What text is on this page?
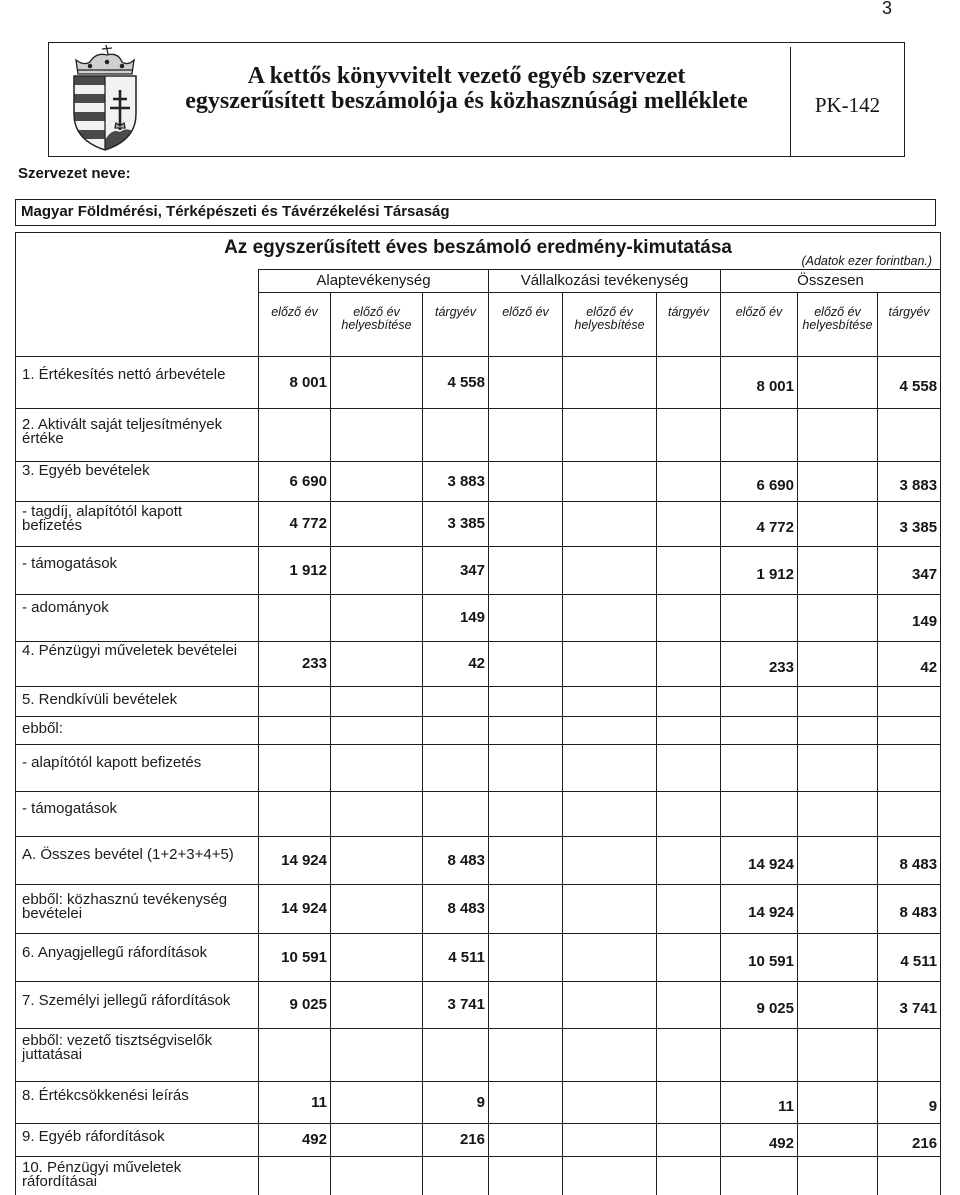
3
A kettős könyvvitelt vezető egyéb szervezet
egyszerűsített beszámolója és közhasznúsági melléklete	PK-142
Szervezet neve:
Magyar Földmérési, Térképészeti és Távérzékelési Társaság
Az egyszerűsített éves beszámoló eredmény-kimutatása
(Adatok ezer forintban.)									

	Alaptevékenység			Vállalkozási tevékenység			Összesen		
	előző év	előző év helyesbítése	tárgyév	előző év	előző év helyesbítése	tárgyév	előző év	előző év helyesbítése	tárgyév
1. Értékesítés nettó árbevétele	8 001		4 558				8 001		4 558
2. Aktivált saját teljesítmények értéke									
3. Egyéb bevételek	6 690		3 883				6 690		3 883
- tagdíj, alapítótól kapott befizetés	4 772		3 385				4 772		3 385
- támogatások	1 912		347				1 912		347
- adományok			149						149
4. Pénzügyi műveletek bevételei	233		42				233		42
5. Rendkívüli bevételek									
ebből:									
- alapítótól kapott befizetés									
- támogatások									
A. Összes bevétel (1+2+3+4+5)	14 924		8 483				14 924		8 483
ebből: közhasznú tevékenység bevételei	14 924		8 483				14 924		8 483
6. Anyagjellegű ráfordítások	10 591		4 511				10 591		4 511
7. Személyi jellegű ráfordítások	9 025		3 741				9 025		3 741
ebből: vezető tisztségviselők juttatásai									
8. Értékcsökkenési leírás	11		9				11		9
9. Egyéb ráfordítások	492		216				492		216
10. Pénzügyi műveletek ráfordításai									
